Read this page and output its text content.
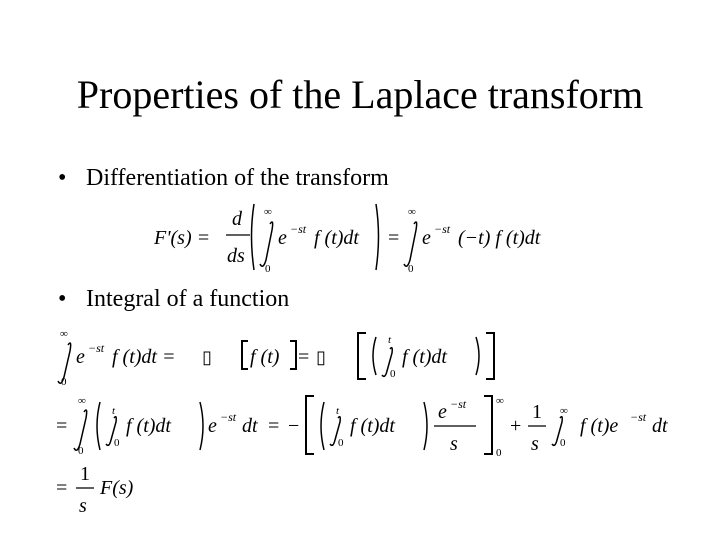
Properties of the Laplace transform
• Differentiation of the transform
F'(s) =
d
ds
∞
0
e −st f (t)dt =
∞
0
e −st (−t) f (t)dt
• Integral of a function
∞
0
e −st f (t)dt = ▯ f (t) = ▯
t
0
f (t)dt
=
∞
0
t
0
f (t)dt e −st dt = −
t
0
f (t)dt
e −st
s
∞
0
+
1
s
∞
0
f (t)e −st dt
=
1
s
F(s)
